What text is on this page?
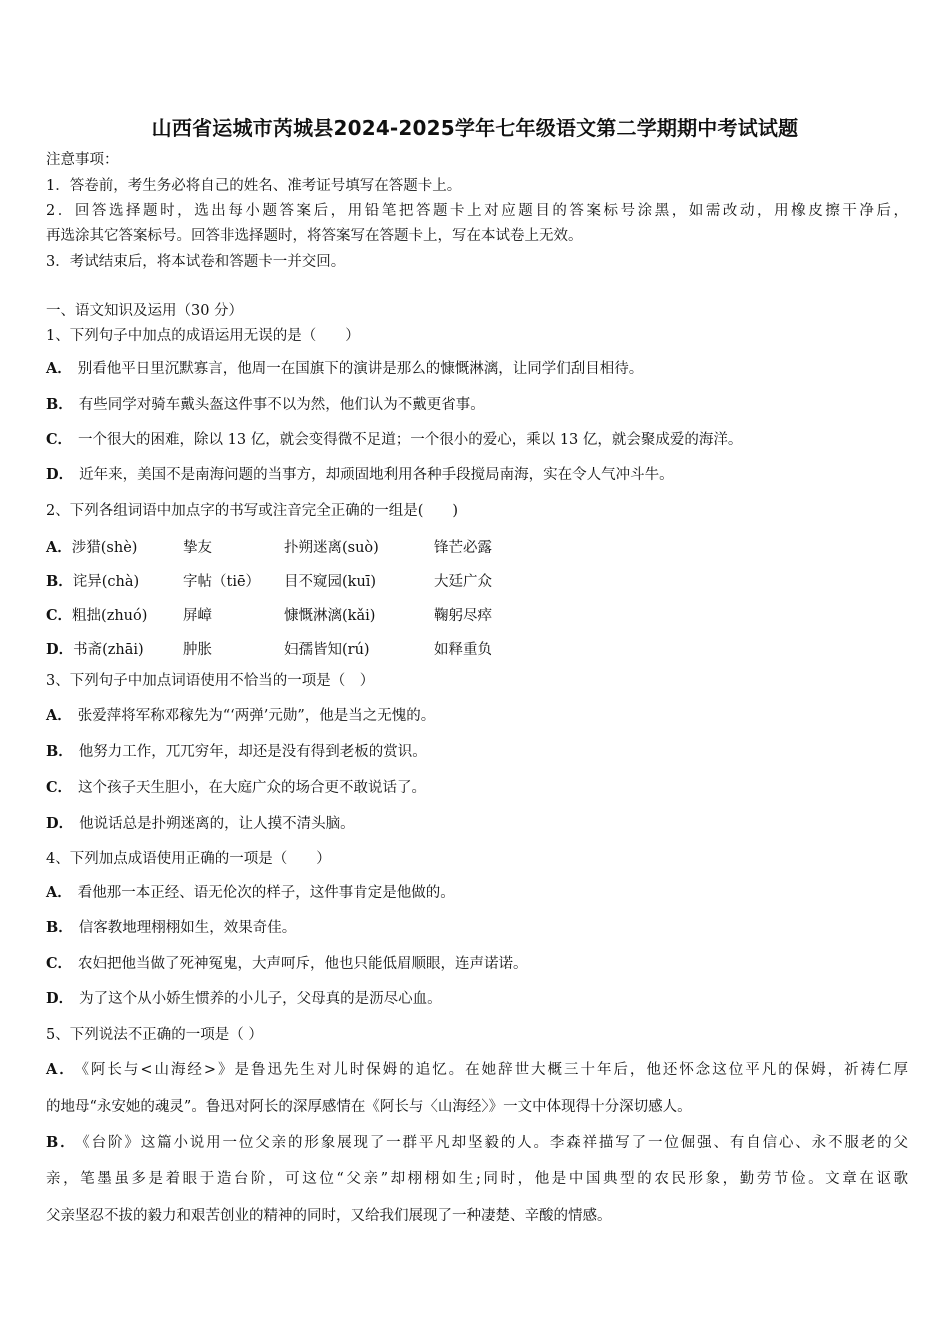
山西省运城市芮城县2024-2025学年七年级语文第二学期期中考试试题
注意事项：
1．答卷前，考生务必将自己的姓名、准考证号填写在答题卡上。
2．回答选择题时，选出每小题答案后，用铅笔把答题卡上对应题目的答案标号涂黑，如需改动，用橡皮擦干净后，
再选涂其它答案标号。回答非选择题时，将答案写在答题卡上，写在本试卷上无效。
3．考试结束后，将本试卷和答题卡一并交回。
一、语文知识及运用（30 分）
1、下列句子中加点的成语运用无误的是（　　）
A． 别看他平日里沉默寡言，他周一在国旗下的演讲是那么的慷慨淋漓，让同学们刮目相待。
B． 有些同学对骑车戴头盔这件事不以为然，他们认为不戴更省事。
C． 一个很大的困难，除以 13 亿，就会变得微不足道；一个很小的爱心，乘以 13 亿，就会聚成爱的海洋。
D． 近年来，美国不是南海问题的当事方，却顽固地利用各种手段搅局南海，实在令人气冲斗牛。
2、下列各组词语中加点字的书写或注音完全正确的一组是(　　)
A．涉猎(shè)	挚友	扑朔迷离(suò)	锋芒必露
B．诧异(chà)	字帖（tiē） 目不窥园(kuī)	大廷广众
C．粗拙(zhuó) 屏嶂	慷慨淋漓(kǎi)	鞠躬尽瘁
D．书斋(zhāi)	肿胀	妇孺皆知(rú)	如释重负
3、下列句子中加点词语使用不恰当的一项是（　）
A． 张爱萍将军称邓稼先为“‘两弹’元勋”，他是当之无愧的。
B． 他努力工作，兀兀穷年，却还是没有得到老板的赏识。
C． 这个孩子天生胆小，在大庭广众的场合更不敢说话了。
D． 他说话总是扑朔迷离的，让人摸不清头脑。
4、下列加点成语使用正确的一项是（　　）
A． 看他那一本正经、语无伦次的样子，这件事肯定是他做的。
B． 信客教地理栩栩如生，效果奇佳。
C． 农妇把他当做了死神冤鬼，大声呵斥，他也只能低眉顺眼，连声诺诺。
D． 为了这个从小娇生惯养的小儿子，父母真的是沥尽心血。
5、下列说法不正确的一项是（ ）
A． 《阿长与<山海经>》是鲁迅先生对儿时保姆的追忆。在她辞世大概三十年后，他还怀念这位平凡的保姆，祈祷仁厚
的地母“永安她的魂灵”。鲁迅对阿长的深厚感情在《阿长与〈山海经〉》一文中体现得十分深切感人。
B． 《台阶》这篇小说用一位父亲的形象展现了一群平凡却坚毅的人。李森祥描写了一位倔强、有自信心、永不服老的父
亲，笔墨虽多是着眼于造台阶，可这位“父亲”却栩栩如生;同时，他是中国典型的农民形象，勤劳节俭。文章在讴歌
父亲坚忍不拔的毅力和艰苦创业的精神的同时，又给我们展现了一种凄楚、辛酸的情感。
